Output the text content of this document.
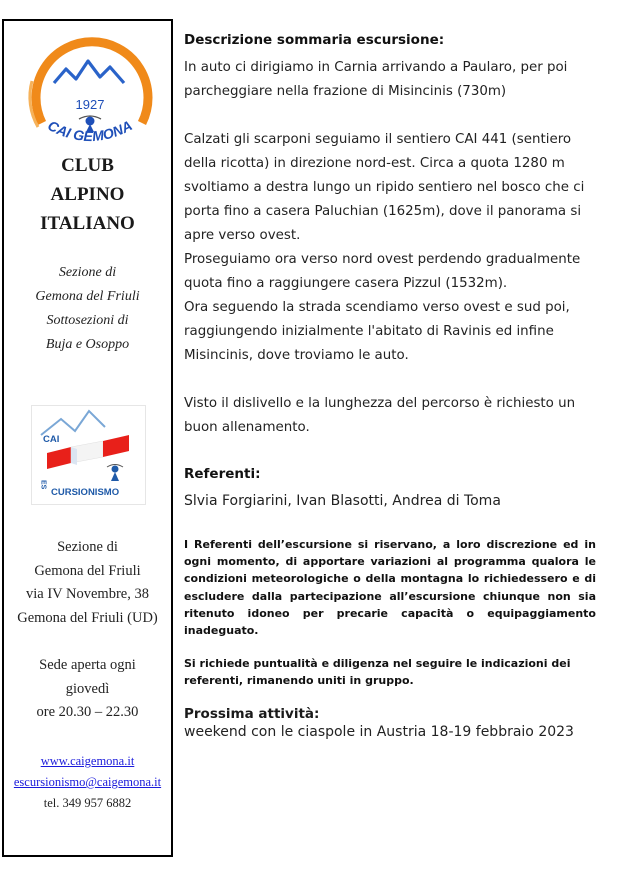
1927
CAI GEMONA
CLUB
ALPINO
ITALIANO
Sezione di
Gemona del Friuli
Sottosezioni di
Buja e Osoppo
CAI
ES
CURSIONISMO
Sezione di
Gemona del Friuli
via IV Novembre, 38
Gemona del Friuli (UD)
Sede aperta ogni
giovedì
ore 20.30 – 22.30
www.caigemona.it
escursionismo@caigemona.it
tel. 349 957 6882
Descrizione sommaria escursione:

In auto ci dirigiamo in Carnia arrivando a Paularo, per poi parcheggiare nella frazione di Misincinis (730m)

Calzati gli scarponi seguiamo il sentiero CAI 441 (sentiero della ricotta) in direzione nord-est. Circa a quota 1280 m svoltiamo a destra lungo un ripido sentiero nel bosco che ci porta fino a casera Paluchian (1625m), dove il panorama si apre verso ovest.

Proseguiamo ora verso nord ovest perdendo gradualmente quota fino a raggiungere casera Pizzul (1532m).

Ora seguendo la strada scendiamo verso ovest e sud poi, raggiungendo inizialmente l'abitato di Ravinis ed infine Misincinis, dove troviamo le auto.

Visto il dislivello e la lunghezza del percorso è richiesto un buon allenamento.

Referenti:
Slvia Forgiarini, Ivan Blasotti, Andrea di Toma
I Referenti dell’escursione si riservano, a loro discrezione ed in ogni momento, di apportare variazioni al programma qualora le condizioni meteorologiche o della montagna lo richiedessero e di escludere dalla partecipazione all’escursione chiunque non sia ritenuto idoneo per precarie capacità o equipaggiamento inadeguato.
Si richiede puntualità e diligenza nel seguire le indicazioni dei referenti, rimanendo uniti in gruppo.
Prossima attività:
weekend con le ciaspole in Austria 18-19 febbraio 2023
